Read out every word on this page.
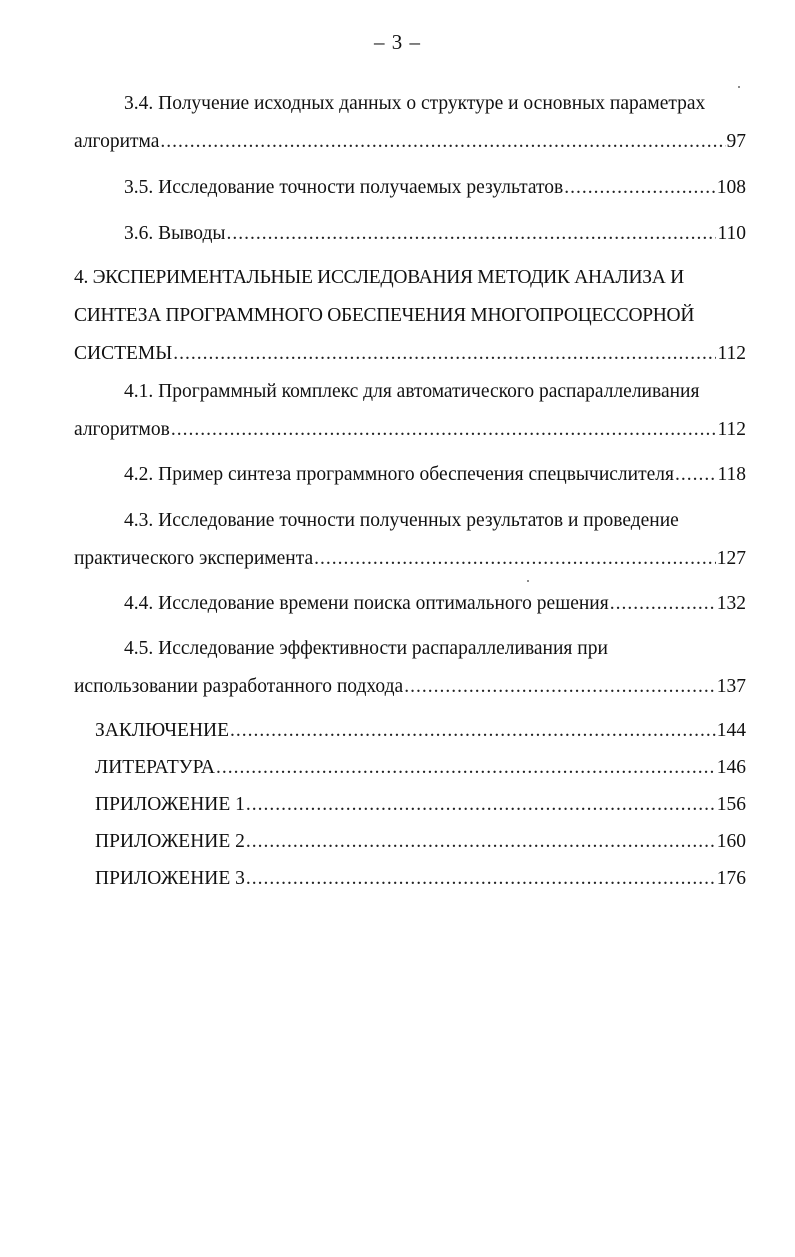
– 3 –
3.4. Получение исходных данных о структуре и основных параметрах
алгоритма .....	97
3.5. Исследование точности получаемых результатов .....	108
3.6. Выводы .....	110
4. ЭКСПЕРИМЕНТАЛЬНЫЕ ИССЛЕДОВАНИЯ МЕТОДИК АНАЛИЗА И
СИНТЕЗА ПРОГРАММНОГО ОБЕСПЕЧЕНИЯ МНОГОПРОЦЕССОРНОЙ
СИСТЕМЫ .....	112
4.1. Программный комплекс для автоматического распараллеливания
алгоритмов .....	112
4.2. Пример синтеза программного обеспечения спецвычислителя ..... 118
4.3. Исследование точности полученных результатов и проведение
практического эксперимента .....	127
4.4. Исследование времени поиска оптимального решения .....	132
4.5. Исследование эффективности распараллеливания при
использовании разработанного подхода .....	137
ЗАКЛЮЧЕНИЕ .....	144
ЛИТЕРАТУРА .....	146
ПРИЛОЖЕНИЕ 1 .....	156
ПРИЛОЖЕНИЕ 2 .....	160
ПРИЛОЖЕНИЕ 3 .....	176
